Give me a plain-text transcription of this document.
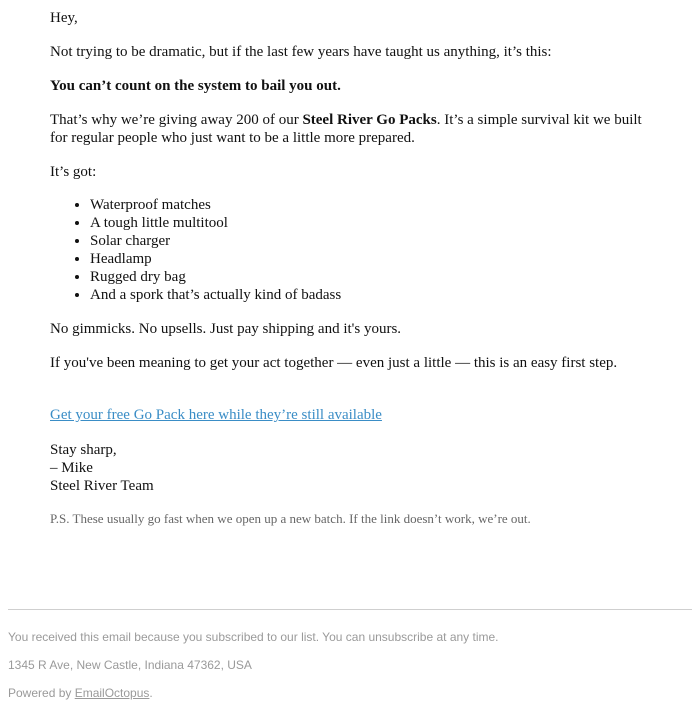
Hey,

Not trying to be dramatic, but if the last few years have taught us anything, it’s this:

You can’t count on the system to bail you out.

That’s why we’re giving away 200 of our Steel River Go Packs. It’s a simple survival kit we built for regular people who just want to be a little more prepared.

It’s got:

• Waterproof matches
• A tough little multitool
• Solar charger
• Headlamp
• Rugged dry bag
• And a spork that’s actually kind of badass

No gimmicks. No upsells. Just pay shipping and it's yours.

If you've been meaning to get your act together — even just a little — this is an easy first step.

Get your free Go Pack here while they’re still available

Stay sharp,
– Mike
Steel River Team

P.S. These usually go fast when we open up a new batch. If the link doesn’t work, we’re out.

You received this email because you subscribed to our list. You can unsubscribe at any time.
1345 R Ave, New Castle, Indiana 47362, USA
Powered by EmailOctopus.
